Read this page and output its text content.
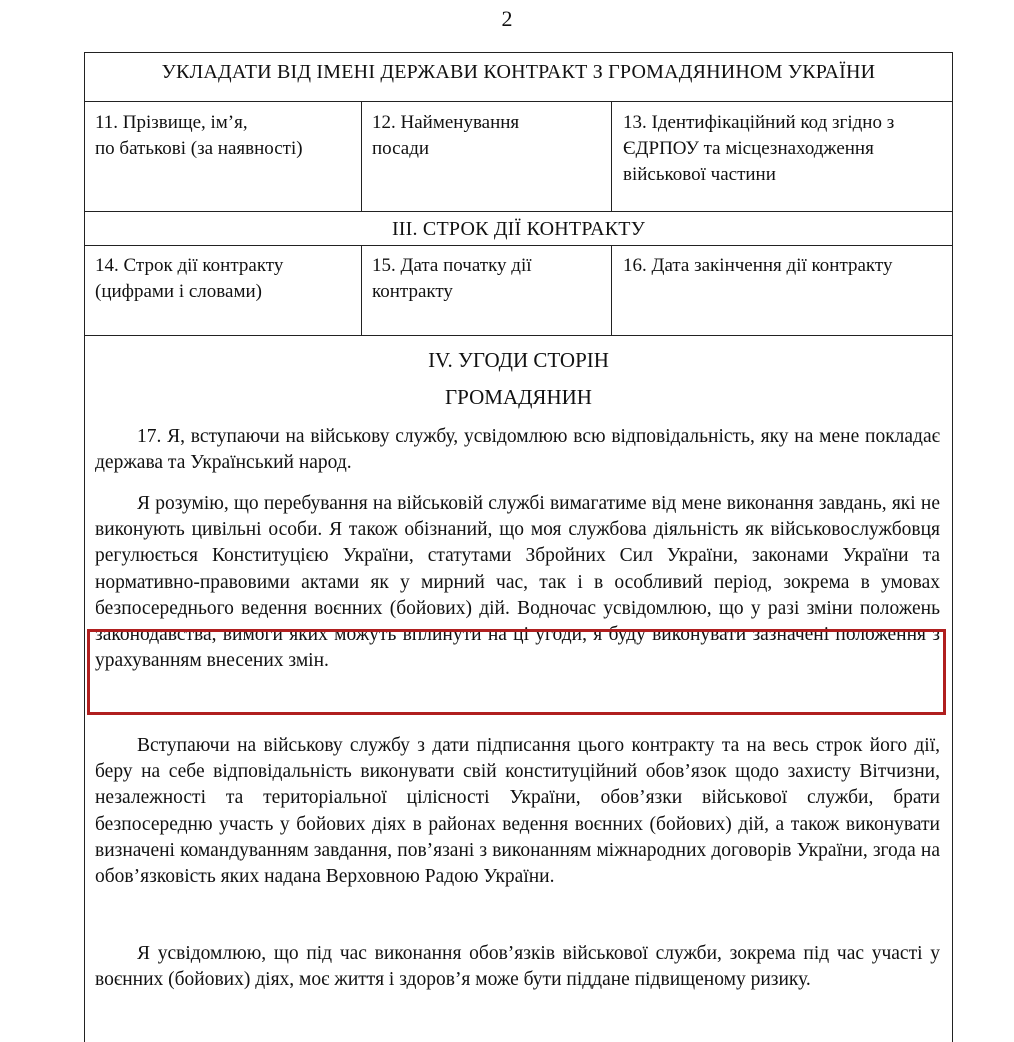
2
УКЛАДАТИ ВІД ІМЕНІ ДЕРЖАВИ КОНТРАКТ З ГРОМАДЯНИНОМ УКРАЇНИ
11. Прізвище, ім’я,
по батькові (за наявності)
12. Найменування
посади
13. Ідентифікаційний код згідно з
ЄДРПОУ та місцезнаходження
військової частини
III. СТРОК ДІЇ КОНТРАКТУ
14. Строк дії контракту
(цифрами і словами)
15. Дата початку дії
контракту
16. Дата закінчення дії контракту
IV. УГОДИ СТОРІН
ГРОМАДЯНИН
17. Я, вступаючи на військову службу, усвідомлюю всю відповідальність, яку на мене покладає держава та Український народ.
Я розумію, що перебування на військовій службі вимагатиме від мене виконання завдань, які не виконують цивільні особи. Я також обізнаний, що моя службова діяльність як військовослужбовця регулюється Конституцією України, статутами Збройних Сил України, законами України та нормативно-правовими актами як у мирний час, так і в особливий період, зокрема в умовах безпосереднього ведення воєнних (бойових) дій. Водночас усвідомлюю, що у разі зміни положень законодавства, вимоги яких можуть вплинути на ці угоди, я буду виконувати зазначені положення з урахуванням внесених змін.
Вступаючи на військову службу з дати підписання цього контракту та на весь строк його дії, беру на себе відповідальність виконувати свій конституційний обов’язок щодо захисту Вітчизни, незалежності та територіальної цілісності України, обов’язки військової служби, брати безпосередню участь у бойових діях в районах ведення воєнних (бойових) дій, а також виконувати визначені командуванням завдання, пов’язані з виконанням міжнародних договорів України, згода на обов’язковість яких надана Верховною Радою України.
Я усвідомлюю, що під час виконання обов’язків військової служби, зокрема під час участі у воєнних (бойових) діях, моє життя і здоров’я може бути піддане підвищеному ризику.
